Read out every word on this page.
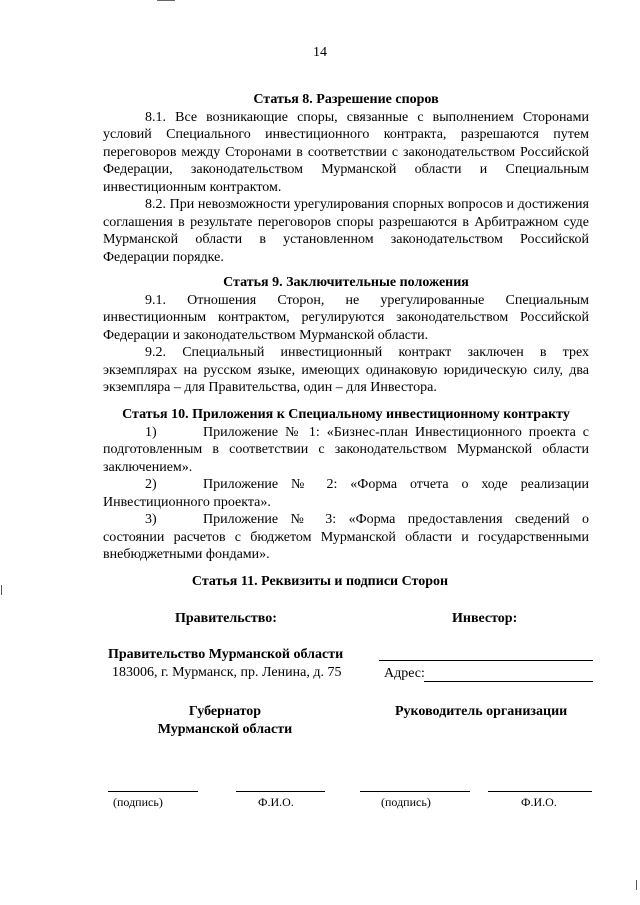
14

Статья 8. Разрешение споров

8.1. Все возникающие споры, связанные с выполнением Сторонами условий Специального инвестиционного контракта, разрешаются путем переговоров между Сторонами в соответствии с законодательством Российской Федерации, законодательством Мурманской области и Специальным инвестиционным контрактом.

8.2. При невозможности урегулирования спорных вопросов и достижения соглашения в результате переговоров споры разрешаются в Арбитражном суде Мурманской области в установленном законодательством Российской Федерации порядке.

Статья 9. Заключительные положения

9.1. Отношения Сторон, не урегулированные Специальным инвестиционным контрактом, регулируются законодательством Российской Федерации и законодательством Мурманской области.

9.2. Специальный инвестиционный контракт заключен в трех экземплярах на русском языке, имеющих одинаковую юридическую силу, два экземпляра – для Правительства, один – для Инвестора.

Статья 10. Приложения к Специальному инвестиционному контракту

1)	Приложение № 1: «Бизнес-план Инвестиционного проекта с подготовленным в соответствии с законодательством Мурманской области заключением».

2)	Приложение № 2: «Форма отчета о ходе реализации Инвестиционного проекта».

3)	Приложение № 3: «Форма предоставления сведений о состоянии расчетов с бюджетом Мурманской области и государственными внебюджетными фондами».

Статья 11. Реквизиты и подписи Сторон
Правительство:	Инвестор:
Правительство Мурманской области
183006, г. Мурманск, пр. Ленина, д. 75	Адрес:
Губернатор
Мурманской области
Руководитель организации
(подпись)	Ф.И.О.	(подпись)	Ф.И.О.
